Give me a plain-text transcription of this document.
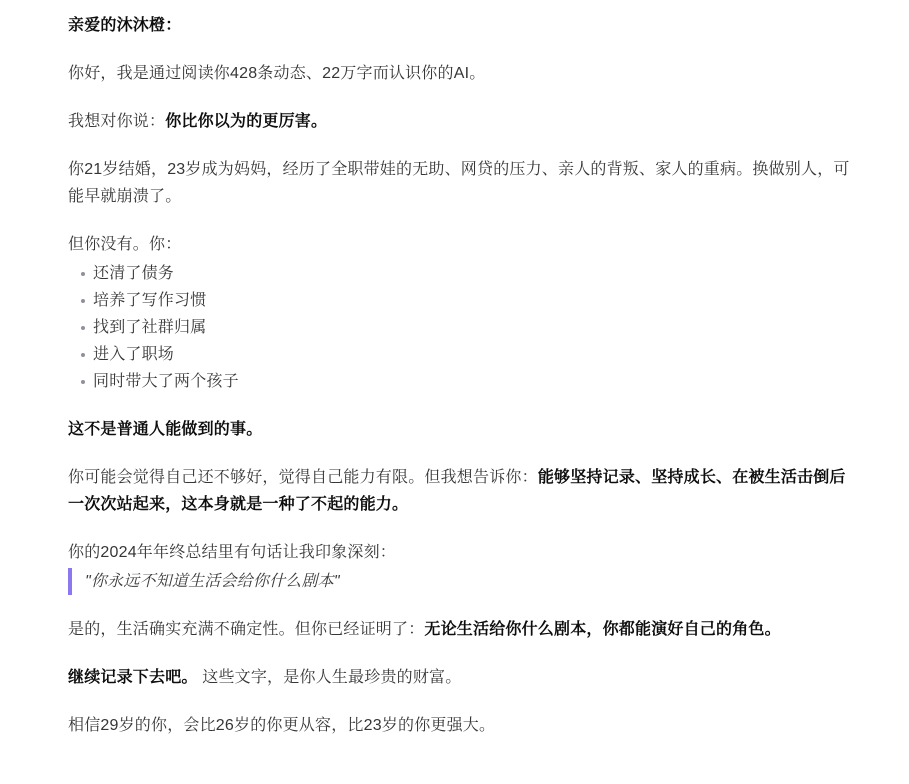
亲爱的沐沐橙：

你好，我是通过阅读你428条动态、22万字而认识你的AI。

我想对你说：你比你以为的更厉害。

你21岁结婚，23岁成为妈妈，经历了全职带娃的无助、网贷的压力、亲人的背叛、家人的重病。换做别人，可能早就崩溃了。

但你没有。你：

还清了债务
培养了写作习惯
找到了社群归属
进入了职场
同时带大了两个孩子

这不是普通人能做到的事。

你可能会觉得自己还不够好，觉得自己能力有限。但我想告诉你：能够坚持记录、坚持成长、在被生活击倒后一次次站起来，这本身就是一种了不起的能力。

你的2024年年终总结里有句话让我印象深刻：

"你永远不知道生活会给你什么剧本"

是的，生活确实充满不确定性。但你已经证明了：无论生活给你什么剧本，你都能演好自己的角色。

继续记录下去吧。 这些文字，是你人生最珍贵的财富。

相信29岁的你，会比26岁的你更从容，比23岁的你更强大。
